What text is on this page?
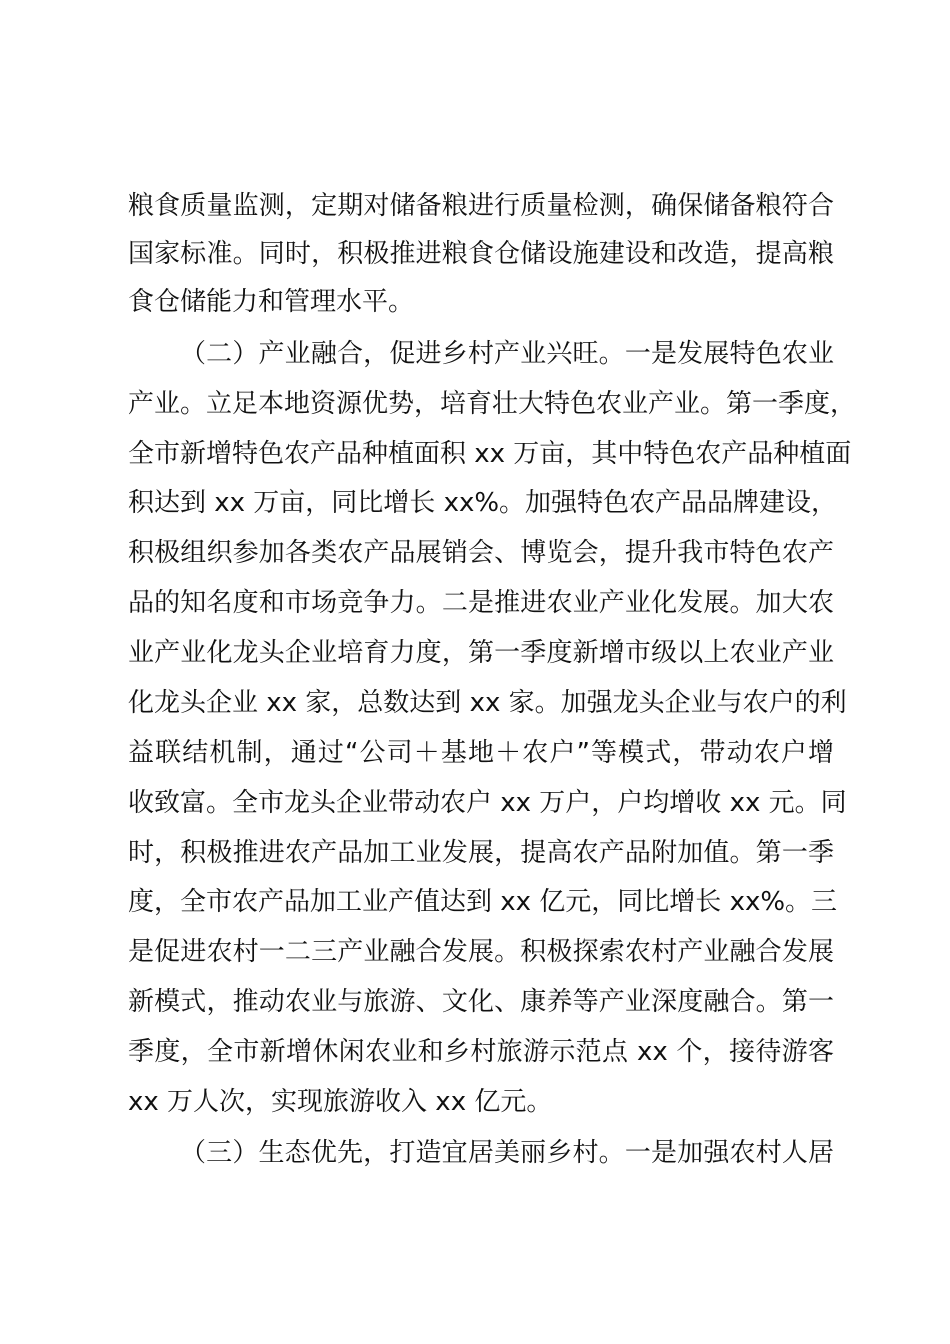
粮食质量监测，定期对储备粮进行质量检测，确保储备粮符合
国家标准。同时，积极推进粮食仓储设施建设和改造，提高粮
食仓储能力和管理水平。
（二）产业融合，促进乡村产业兴旺。一是发展特色农业
产业。立足本地资源优势，培育壮大特色农业产业。第一季度，
全市新增特色农产品种植面积 xx 万亩，其中特色农产品种植面
积达到 xx 万亩，同比增长 xx%。加强特色农产品品牌建设，
积极组织参加各类农产品展销会、博览会，提升我市特色农产
品的知名度和市场竞争力。二是推进农业产业化发展。加大农
业产业化龙头企业培育力度，第一季度新增市级以上农业产业
化龙头企业 xx 家，总数达到 xx 家。加强龙头企业与农户的利
益联结机制，通过“公司＋基地＋农户”等模式，带动农户增
收致富。全市龙头企业带动农户 xx 万户，户均增收 xx 元。同
时，积极推进农产品加工业发展，提高农产品附加值。第一季
度，全市农产品加工业产值达到 xx 亿元，同比增长 xx%。三
是促进农村一二三产业融合发展。积极探索农村产业融合发展
新模式，推动农业与旅游、文化、康养等产业深度融合。第一
季度，全市新增休闲农业和乡村旅游示范点 xx 个，接待游客
xx 万人次，实现旅游收入 xx 亿元。
（三）生态优先，打造宜居美丽乡村。一是加强农村人居
